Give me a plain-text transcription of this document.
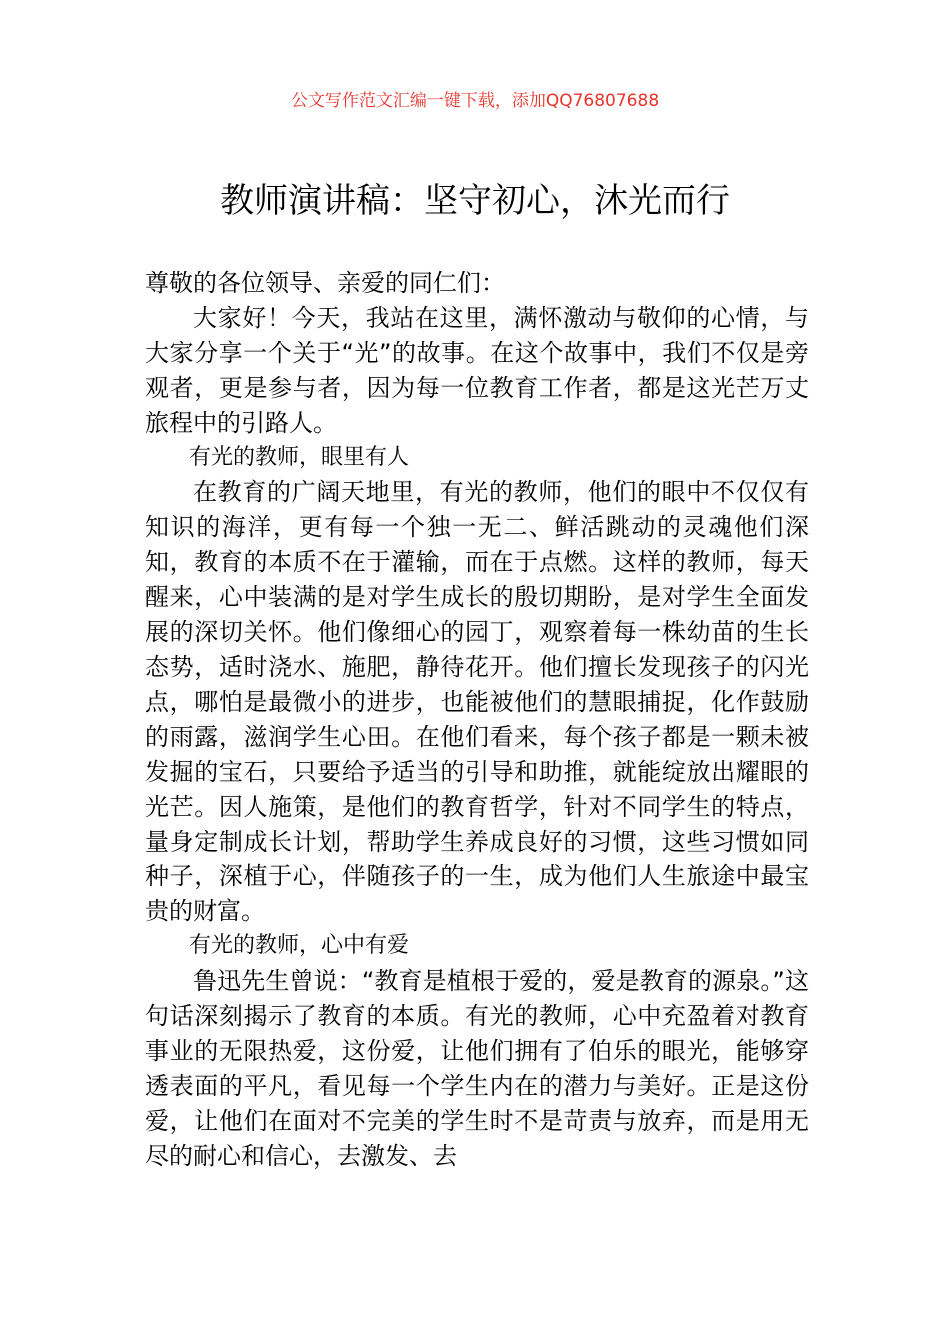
公文写作范文汇编一键下载，添加QQ76807688
教师演讲稿：坚守初心，沐光而行

尊敬的各位领导、亲爱的同仁们：

大家好！今天，我站在这里，满怀激动与敬仰的心情，与大家分享一个关于“光”的故事。在这个故事中，我们不仅是旁观者，更是参与者，因为每一位教育工作者，都是这光芒万丈旅程中的引路人。

有光的教师，眼里有人

在教育的广阔天地里，有光的教师，他们的眼中不仅仅有知识的海洋，更有每一个独一无二、鲜活跳动的灵魂他们深知，教育的本质不在于灌输，而在于点燃。这样的教师，每天醒来，心中装满的是对学生成长的殷切期盼，是对学生全面发展的深切关怀。他们像细心的园丁，观察着每一株幼苗的生长态势，适时浇水、施肥，静待花开。他们擅长发现孩子的闪光点，哪怕是最微小的进步，也能被他们的慧眼捕捉，化作鼓励的雨露，滋润学生心田。在他们看来，每个孩子都是一颗未被发掘的宝石，只要给予适当的引导和助推，就能绽放出耀眼的光芒。因人施策，是他们的教育哲学，针对不同学生的特点，量身定制成长计划，帮助学生养成良好的习惯，这些习惯如同种子，深植于心，伴随孩子的一生，成为他们人生旅途中最宝贵的财富。

有光的教师，心中有爱

鲁迅先生曾说：“教育是植根于爱的，爱是教育的源泉。”这句话深刻揭示了教育的本质。有光的教师，心中充盈着对教育事业的无限热爱，这份爱，让他们拥有了伯乐的眼光，能够穿透表面的平凡，看见每一个学生内在的潜力与美好。正是这份爱，让他们在面对不完美的学生时不是苛责与放弃，而是用无尽的耐心和信心，去激发、去
